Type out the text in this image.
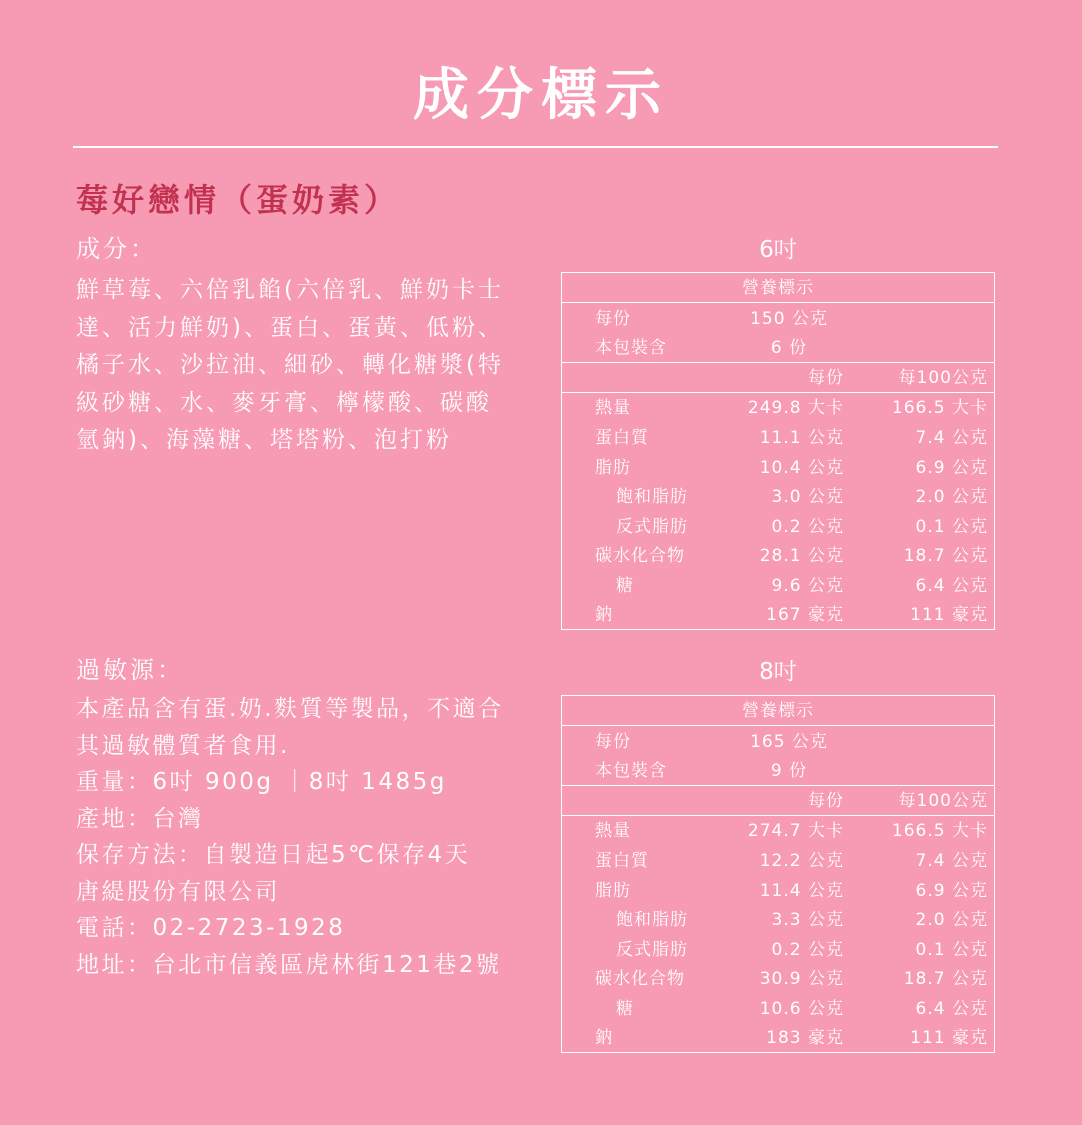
成分標示
莓好戀情（蛋奶素）
成分：
鮮草莓、六倍乳餡(六倍乳、鮮奶卡士
達、活力鮮奶)、蛋白、蛋黃、低粉、
橘子水、沙拉油、細砂、轉化糖漿(特
級砂糖、水、麥牙膏、檸檬酸、碳酸
氫鈉)、海藻糖、塔塔粉、泡打粉
過敏源：
本產品含有蛋.奶.麩質等製品，不適合
其過敏體質者食用.
重量：6吋 900g ｜8吋 1485g
產地：台灣
保存方法：自製造日起5℃保存4天
唐緹股份有限公司
電話：02-2723-1928
地址：台北市信義區虎林街121巷2號
6吋
營養標示
每份	150 公克
本包裝含	6 份
每份	每100公克
熱量	249.8 大卡	166.5 大卡
蛋白質	11.1 公克	7.4 公克
脂肪	10.4 公克	6.9 公克
飽和脂肪	3.0 公克	2.0 公克
反式脂肪	0.2 公克	0.1 公克
碳水化合物	28.1 公克	18.7 公克
糖	9.6 公克	6.4 公克
鈉	167 豪克	111 豪克
8吋
營養標示
每份	165 公克
本包裝含	9 份
每份	每100公克
熱量	274.7 大卡	166.5 大卡
蛋白質	12.2 公克	7.4 公克
脂肪	11.4 公克	6.9 公克
飽和脂肪	3.3 公克	2.0 公克
反式脂肪	0.2 公克	0.1 公克
碳水化合物	30.9 公克	18.7 公克
糖	10.6 公克	6.4 公克
鈉	183 豪克	111 豪克
